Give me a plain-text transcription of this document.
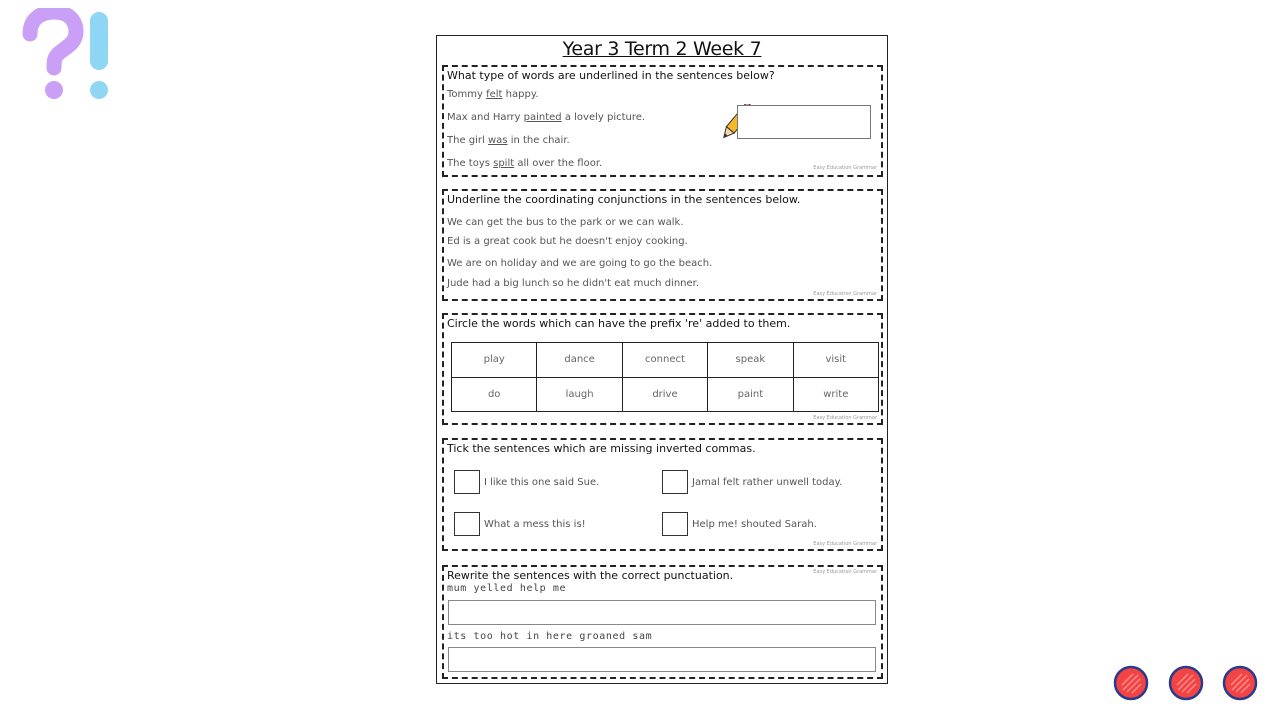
Year 3 Term 2 Week 7
What type of words are underlined in the sentences below?
Tommy felt happy.
Max and Harry painted a lovely picture.
The girl was in the chair.
The toys spilt all over the floor.	Easy Education Grammar
Underline the coordinating conjunctions in the sentences below.
We can get the bus to the park or we can walk.
Ed is a great cook but he doesn't enjoy cooking.
We are on holiday and we are going to go the beach.
Jude had a big lunch so he didn't eat much dinner.
Easy Education Grammar
Circle the words which can have the prefix 're' added to them.
play	dance	connect	speak	visit
do	laugh	drive	paint	write
Easy Education Grammar
Tick the sentences which are missing inverted commas.
I like this one said Sue.	Jamal felt rather unwell today.
What a mess this is!	Help me! shouted Sarah.
Easy Education Grammar
Rewrite the sentences with the correct punctuation.	Easy Education Grammar
mum yelled help me
its too hot in here groaned sam
